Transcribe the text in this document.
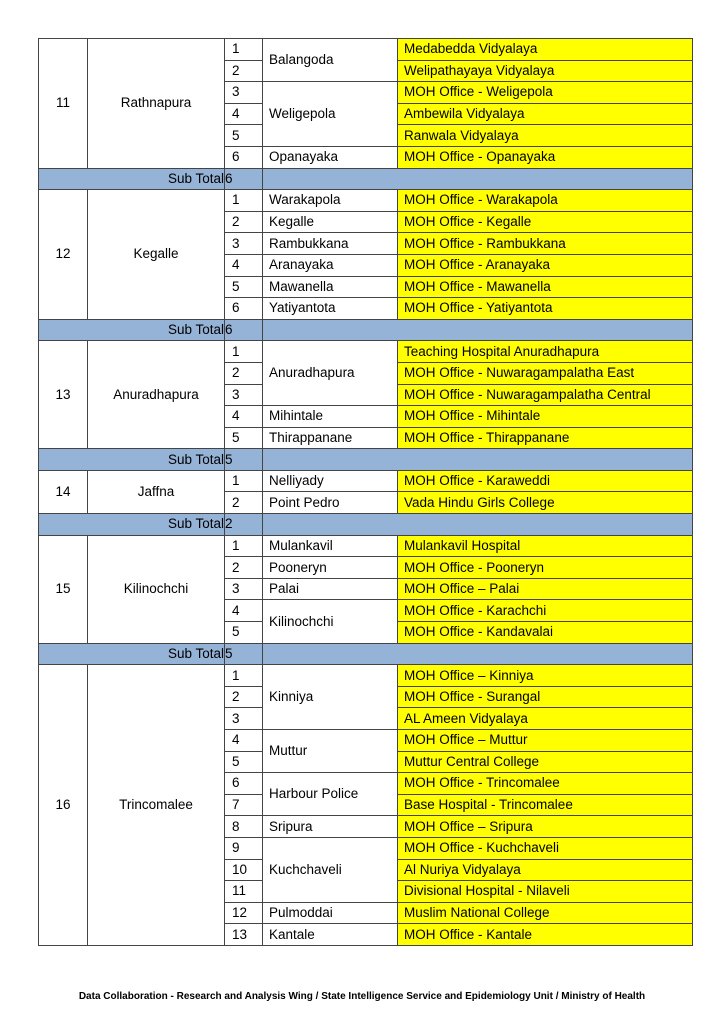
11	Rathnapura	1	Balangoda	Medabedda Vidyalaya
		2		Welipathayaya Vidyalaya
		3	Weligepola	MOH Office - Weligepola
		4		Ambewila Vidyalaya
		5		Ranwala Vidyalaya
		6	Opanayaka	MOH Office - Opanayaka
Sub Total		6		
12	Kegalle	1	Warakapola	MOH Office - Warakapola
		2	Kegalle	MOH Office - Kegalle
		3	Rambukkana	MOH Office - Rambukkana
		4	Aranayaka	MOH Office - Aranayaka
		5	Mawanella	MOH Office - Mawanella
		6	Yatiyantota	MOH Office - Yatiyantota
Sub Total		6		
13	Anuradhapura	1	Anuradhapura	Teaching Hospital Anuradhapura
		2		MOH Office - Nuwaragampalatha East
		3		MOH Office - Nuwaragampalatha Central
		4	Mihintale	MOH Office - Mihintale
		5	Thirappanane	MOH Office - Thirappanane
Sub Total		5		
14	Jaffna	1	Nelliyady	MOH Office - Karaweddi
		2	Point Pedro	Vada Hindu Girls College
Sub Total		2		
15	Kilinochchi	1	Mulankavil	Mulankavil Hospital
		2	Pooneryn	MOH Office - Pooneryn
		3	Palai	MOH Office – Palai
		4	Kilinochchi	MOH Office - Karachchi
		5		MOH Office - Kandavalai
Sub Total		5		
16	Trincomalee	1	Kinniya	MOH Office – Kinniya
		2		MOH Office - Surangal
		3		AL Ameen Vidyalaya
		4	Muttur	MOH Office – Muttur
		5		Muttur Central College
		6	Harbour Police	MOH Office - Trincomalee
		7		Base Hospital - Trincomalee
		8	Sripura	MOH Office – Sripura
		9	Kuchchaveli	MOH Office - Kuchchaveli
		10		Al Nuriya Vidyalaya
		11		Divisional Hospital - Nilaveli
		12	Pulmoddai	Muslim National College
		13	Kantale	MOH Office - Kantale
Data Collaboration - Research and Analysis Wing / State Intelligence Service and Epidemiology Unit / Ministry of Health
